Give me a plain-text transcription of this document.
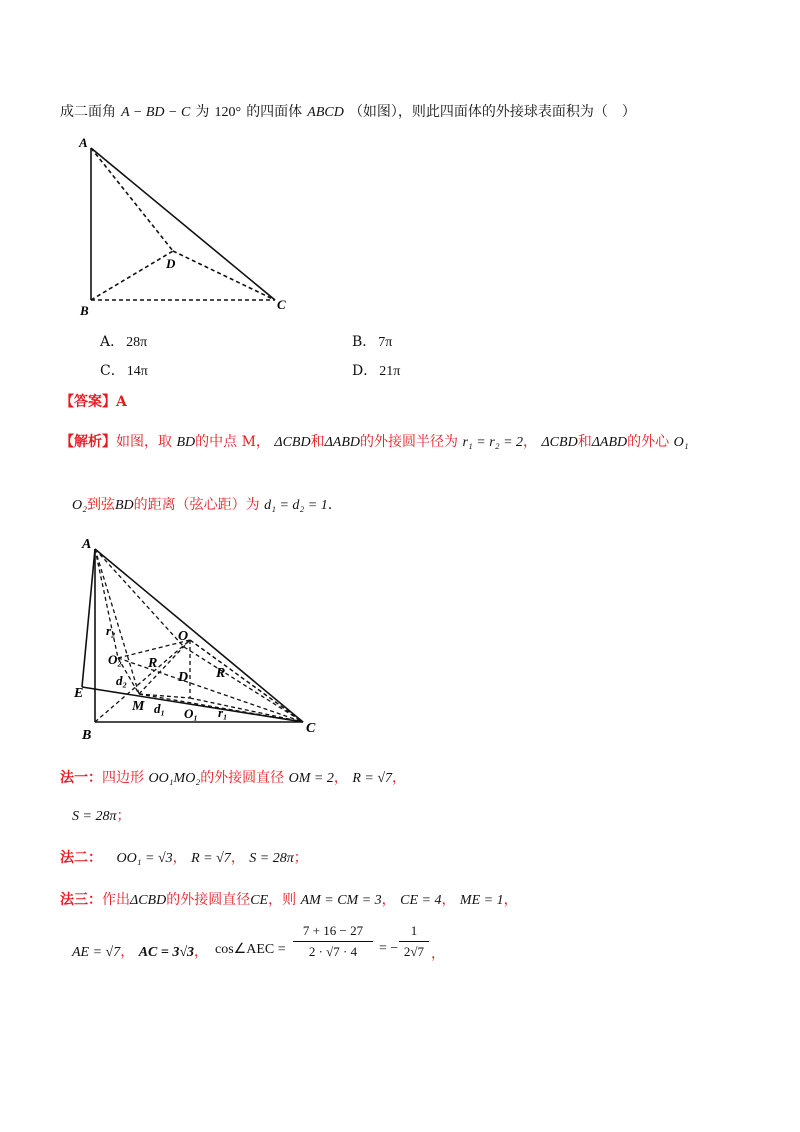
成二面角 A − BD − C 为 120° 的四面体 ABCD （如图），则此四面体的外接球表面积为（　）
A
B	C
D
A． 28π	B． 7π
C． 14π	D． 21π
【答案】A
【解析】如图，取 BD的中点 M， ΔCBD和ΔABD的外接圆半径为 r₁ = r₂ = 2， ΔCBD和ΔABD的外心 O₁
O₂到弦BD的距离（弦心距）为 d₁ = d₂ = 1.
A
E
B	C
O
r₂
O₂ R
R
D
d₂
M d₁ O₁ r₁
法一：四边形 OO₁MO₂的外接圆直径 OM = 2， R = √7，
S = 28π；
法二： OO₁ = √3， R = √7， S = 28π；
法三：作出ΔCBD的外接圆直径CE，则 AM = CM = 3， CE = 4， ME = 1，
AE = √7， AC = 3√3， cos∠AEC =
7 + 16 − 27
2 · √7 · 4	= −
1
2√7 ，
